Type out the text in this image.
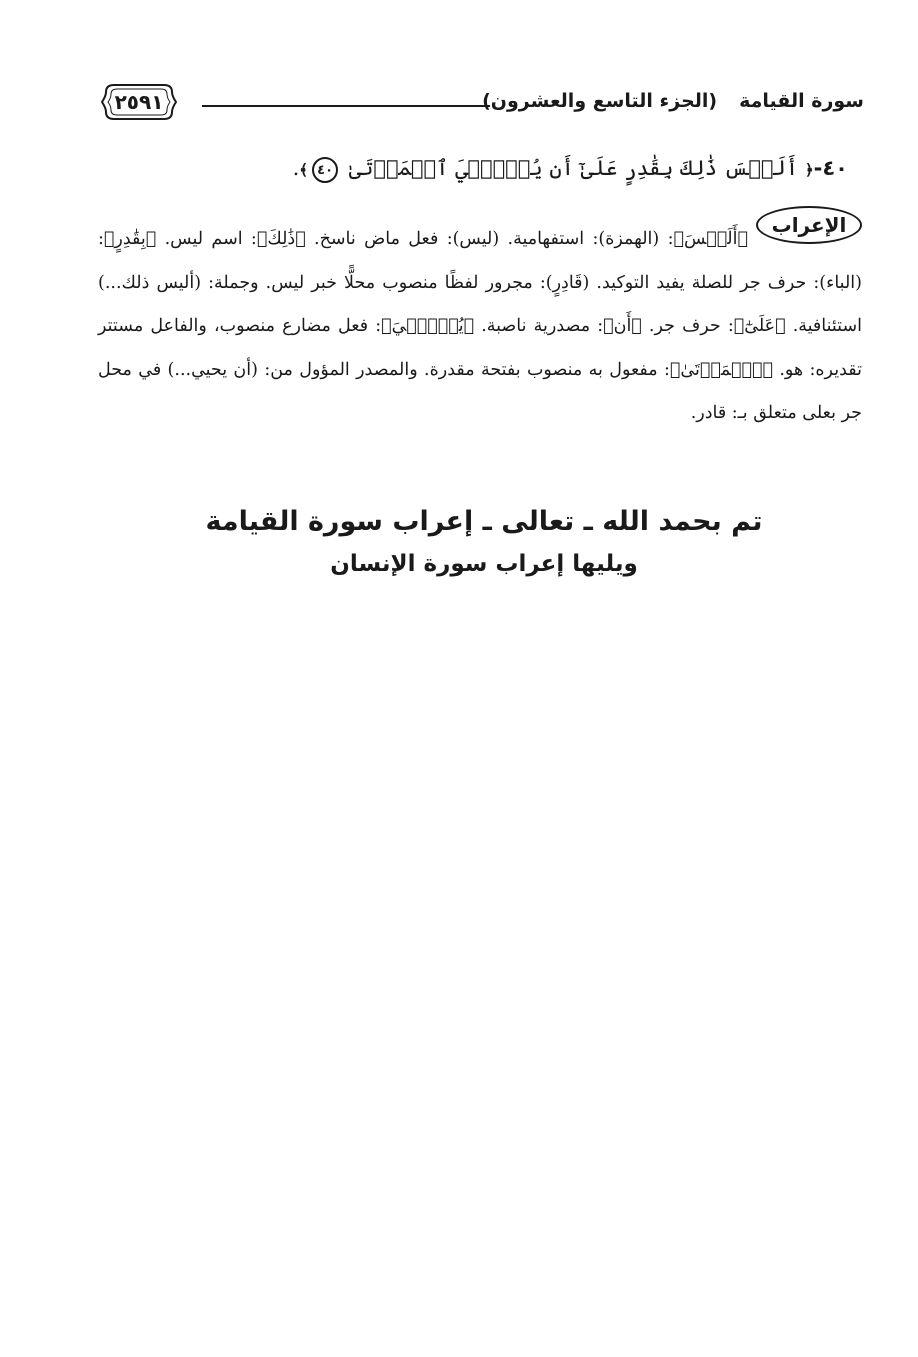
سورة القيامة(الجزء التاسع والعشرون)
٢٥٩١
٤٠-﴿ أَلَيۡسَ ذَٰلِكَ بِقَٰدِرٍ عَلَىٰٓ أَن يُحۡـِۧيَ ٱلۡمَوۡتَىٰ ٤٠﴾.
الإعراب
﴿أَلَيۡسَ﴾: (الهمزة): استفهامية. (ليس): فعل ماض ناسخ. ﴿ذَٰلِكَ﴾: اسم ليس. ﴿بِقَٰدِرٍ﴾: (الباء): حرف جر للصلة يفيد التوكيد. (قَادِرٍ): مجرور لفظًا منصوب محلًّا خبر ليس. وجملة: (أليس ذلك...) استئنافية. ﴿عَلَىٰٓ﴾: حرف جر. ﴿أَن﴾: مصدرية ناصبة. ﴿يُحۡـِۧيَ﴾: فعل مضارع منصوب، والفاعل مستتر تقديره: هو. ﴿ٱلۡمَوۡتَىٰ﴾: مفعول به منصوب بفتحة مقدرة. والمصدر المؤول من: (أن يحيي...) في محل جر بعلى متعلق بـ: قادر.
تم بحمد الله ـ تعالى ـ إعراب سورة القيامة
ويليها إعراب سورة الإنسان
